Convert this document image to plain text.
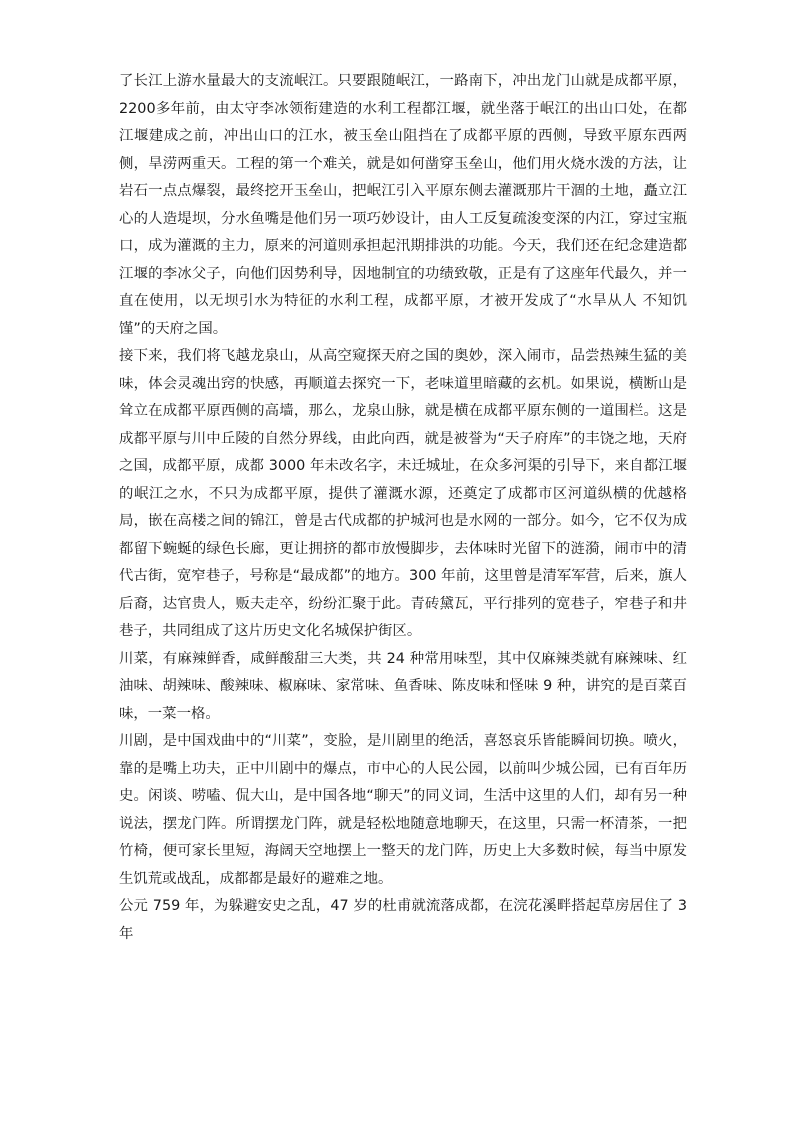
了长江上游水量最大的支流岷江。只要跟随岷江，一路南下，冲出龙门山就是成都平原，2200多年前，由太守李冰领衔建造的水利工程都江堰，就坐落于岷江的出山口处，在都江堰建成之前，冲出山口的江水，被玉垒山阻挡在了成都平原的西侧，导致平原东西两侧，旱涝两重天。工程的第一个难关，就是如何凿穿玉垒山，他们用火烧水泼的方法，让岩石一点点爆裂，最终挖开玉垒山，把岷江引入平原东侧去灌溉那片干涸的土地，矗立江心的人造堤坝，分水鱼嘴是他们另一项巧妙设计，由人工反复疏浚变深的内江，穿过宝瓶口，成为灌溉的主力，原来的河道则承担起汛期排洪的功能。今天，我们还在纪念建造都江堰的李冰父子，向他们因势利导，因地制宜的功绩致敬，正是有了这座年代最久，并一直在使用，以无坝引水为特征的水利工程，成都平原，才被开发成了“水旱从人 不知饥馑”的天府之国。

接下来，我们将飞越龙泉山，从高空窥探天府之国的奥妙，深入闹市，品尝热辣生猛的美味，体会灵魂出窍的快感，再顺道去探究一下，老味道里暗藏的玄机。如果说，横断山是耸立在成都平原西侧的高墙，那么，龙泉山脉，就是横在成都平原东侧的一道围栏。这是成都平原与川中丘陵的自然分界线，由此向西，就是被誉为“天子府库”的丰饶之地，天府之国，成都平原，成都 3000 年未改名字，未迁城址，在众多河渠的引导下，来自都江堰的岷江之水，不只为成都平原，提供了灌溉水源，还奠定了成都市区河道纵横的优越格局，嵌在高楼之间的锦江，曾是古代成都的护城河也是水网的一部分。如今，它不仅为成都留下蜿蜒的绿色长廊，更让拥挤的都市放慢脚步，去体味时光留下的涟漪，闹市中的清代古街，宽窄巷子，号称是“最成都”的地方。300 年前，这里曾是清军军营，后来，旗人后裔，达官贵人，贩夫走卒，纷纷汇聚于此。青砖黛瓦，平行排列的宽巷子，窄巷子和井巷子，共同组成了这片历史文化名城保护街区。

川菜，有麻辣鲜香，咸鲜酸甜三大类，共 24 种常用味型，其中仅麻辣类就有麻辣味、红油味、胡辣味、酸辣味、椒麻味、家常味、鱼香味、陈皮味和怪味 9 种，讲究的是百菜百味，一菜一格。

川剧，是中国戏曲中的“川菜”，变脸，是川剧里的绝活，喜怒哀乐皆能瞬间切换。喷火，靠的是嘴上功夫，正中川剧中的爆点，市中心的人民公园，以前叫少城公园，已有百年历史。闲谈、唠嗑、侃大山，是中国各地“聊天”的同义词，生活中这里的人们，却有另一种说法，摆龙门阵。所谓摆龙门阵，就是轻松地随意地聊天，在这里，只需一杯清茶，一把竹椅，便可家长里短，海阔天空地摆上一整天的龙门阵，历史上大多数时候，每当中原发生饥荒或战乱，成都都是最好的避难之地。

公元 759 年，为躲避安史之乱，47 岁的杜甫就流落成都，在浣花溪畔搭起草房居住了 3 年
